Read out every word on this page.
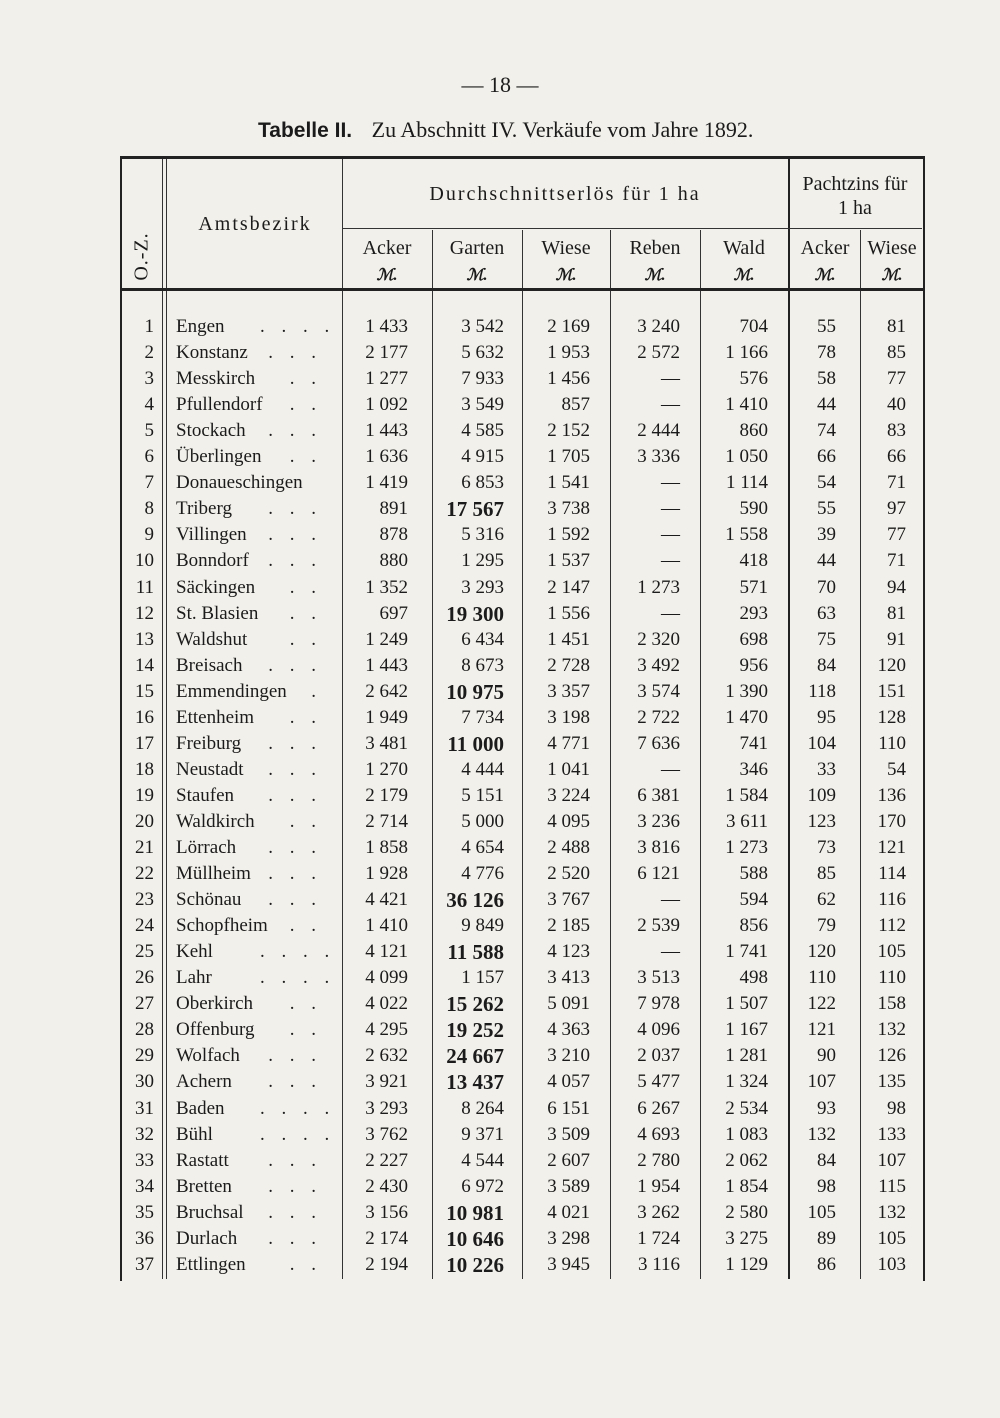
— 18 —
Tabelle II. Zu Abschnitt IV. Verkäufe vom Jahre 1892.
O.-Z.
Amtsbezirk
Durchschnittserlös für 1 ha	Pachtzins für
1 ha
Acker	Garten	Wiese	Reben	Wald	Acker Wiese
ℳ.	ℳ.	ℳ.	ℳ.	ℳ.	ℳ.	ℳ.
1 Engen	. . . .	1 433	3 542	2 169	3 240	704	55	81
2 Konstanz	. . .	2 177	5 632	1 953	2 572	1 166	78	85
3 Messkirch	. .	1 277	7 933	1 456	—	576	58	77
4 Pfullendorf	. .	1 092	3 549	857	—	1 410	44	40
5 Stockach	. . .	1 443	4 585	2 152	2 444	860	74	83
6 Überlingen	. .	1 636	4 915	1 705	3 336	1 050	66	66
7 Donaueschingen	1 419	6 853	1 541	—	1 114	54	71
8 Triberg	. . .	891	17 567	3 738	—	590	55	97
9 Villingen	. . .	878	5 316	1 592	—	1 558	39	77
10 Bonndorf	. . .	880	1 295	1 537	—	418	44	71
11 Säckingen	. .	1 352	3 293	2 147	1 273	571	70	94
12 St. Blasien	. .	697	19 300	1 556	—	293	63	81
13 Waldshut	. .	1 249	6 434	1 451	2 320	698	75	91
14 Breisach	. . .	1 443	8 673	2 728	3 492	956	84	120
15 Emmendingen	.	2 642	10 975	3 357	3 574	1 390	118	151
16 Ettenheim	. .	1 949	7 734	3 198	2 722	1 470	95	128
17 Freiburg	. . .	3 481	11 000	4 771	7 636	741	104	110
18 Neustadt	. . .	1 270	4 444	1 041	—	346	33	54
19 Staufen	. . .	2 179	5 151	3 224	6 381	1 584	109	136
20 Waldkirch	. .	2 714	5 000	4 095	3 236	3 611	123	170
21 Lörrach	. . .	1 858	4 654	2 488	3 816	1 273	73	121
22 Müllheim . . .	1 928	4 776	2 520	6 121	588	85	114
23 Schönau	. . .	4 421	36 126	3 767	—	594	62	116
24 Schopfheim	. .	1 410	9 849	2 185	2 539	856	79	112
25 Kehl	. . . .	4 121	11 588	4 123	—	1 741	120	105
26 Lahr	. . . .	4 099	1 157	3 413	3 513	498	110	110
27 Oberkirch	. .	4 022	15 262	5 091	7 978	1 507	122	158
28 Offenburg	. .	4 295	19 252	4 363	4 096	1 167	121	132
29 Wolfach	. . .	2 632	24 667	3 210	2 037	1 281	90	126
30 Achern	. . .	3 921	13 437	4 057	5 477	1 324	107	135
31 Baden	. . . .	3 293	8 264	6 151	6 267	2 534	93	98
32 Bühl	. . . .	3 762	9 371	3 509	4 693	1 083	132	133
33 Rastatt	. . .	2 227	4 544	2 607	2 780	2 062	84	107
34 Bretten	. . .	2 430	6 972	3 589	1 954	1 854	98	115
35 Bruchsal	. . .	3 156	10 981	4 021	3 262	2 580	105	132
36 Durlach	. . .	2 174	10 646	3 298	1 724	3 275	89	105
37 Ettlingen	. .	2 194	10 226	3 945	3 116	1 129	86	103
